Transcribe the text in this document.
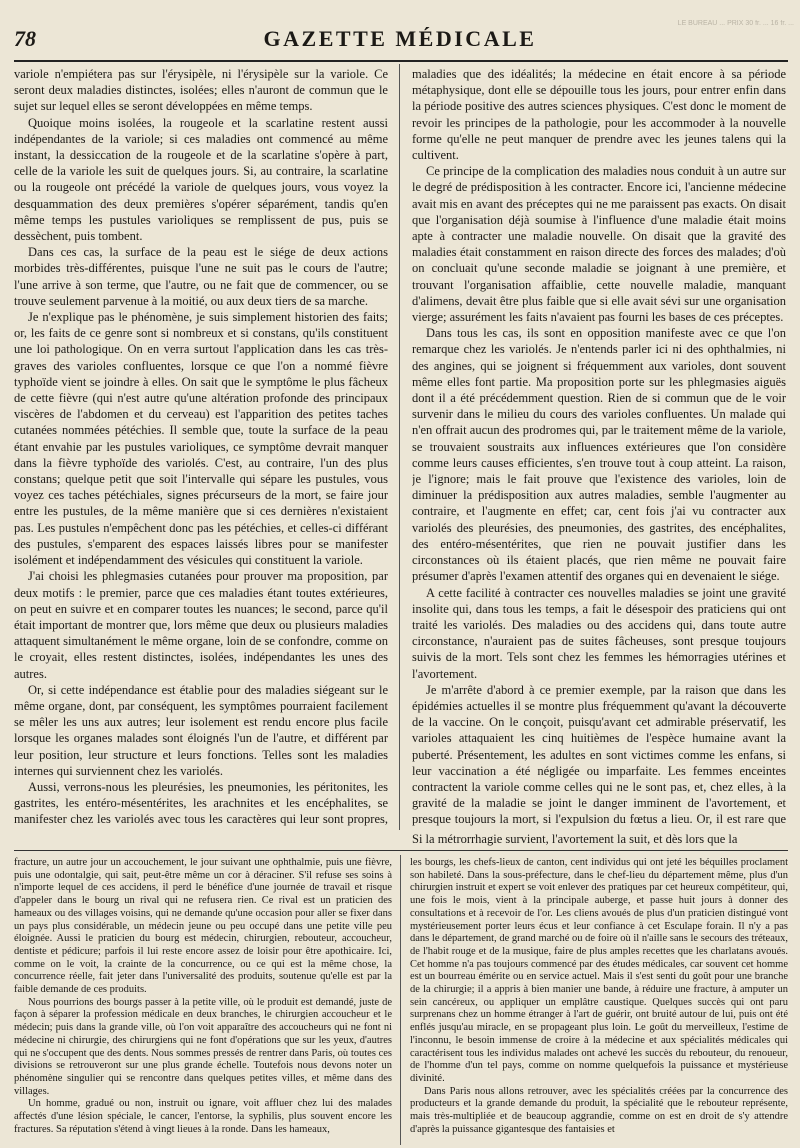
78	GAZETTE MÉDICALE
LE BUREAU ... PRIX 30 fr. ... 16 fr. ...

variole n'empiétera pas sur l'érysipèle, ni l'érysipèle sur la variole. Ce seront deux maladies distinctes, isolées; elles n'auront de commun que le sujet sur lequel elles se seront développées en même temps.

Quoique moins isolées, la rougeole et la scarlatine restent aussi indépendantes de la variole; si ces maladies ont commencé au même instant, la dessiccation de la rougeole et de la scarlatine s'opère à part, celle de la variole les suit de quelques jours. Si, au contraire, la scarlatine ou la rougeole ont précédé la variole de quelques jours, vous voyez la desquammation des deux premières s'opérer séparément, tandis qu'en même temps les pustules varioliques se remplissent de pus, puis se dessèchent, puis tombent.

Dans ces cas, la surface de la peau est le siége de deux actions morbides très-différentes, puisque l'une ne suit pas le cours de l'autre; l'une arrive à son terme, que l'autre, ou ne fait que de commencer, ou se trouve seulement parvenue à la moitié, ou aux deux tiers de sa marche.

Je n'explique pas le phénomène, je suis simplement historien des faits; or, les faits de ce genre sont si nombreux et si constans, qu'ils constituent une loi pathologique. On en verra surtout l'application dans les cas très-graves des varioles confluentes, lorsque ce que l'on a nommé fièvre typhoïde vient se joindre à elles. On sait que le symptôme le plus fâcheux de cette fièvre (qui n'est autre qu'une altération profonde des principaux viscères de l'abdomen et du cerveau) est l'apparition des petites taches cutanées nommées pétéchies. Il semble que, toute la surface de la peau étant envahie par les pustules varioliques, ce symptôme devrait manquer dans la fièvre typhoïde des variolés. C'est, au contraire, l'un des plus constans; quelque petit que soit l'intervalle qui sépare les pustules, vous voyez ces taches pétéchiales, signes précurseurs de la mort, se faire jour entre les pustules, de la même manière que si ces dernières n'existaient pas. Les pustules n'empêchent donc pas les pétéchies, et celles-ci différant des pustules, s'emparent des espaces laissés libres pour se manifester isolément et indépendamment des vésicules qui constituent la variole.

J'ai choisi les phlegmasies cutanées pour prouver ma proposition, par deux motifs : le premier, parce que ces maladies étant toutes extérieures, on peut en suivre et en comparer toutes les nuances; le second, parce qu'il était important de montrer que, lors même que deux ou plusieurs maladies attaquent simultanément le même organe, loin de se confondre, comme on le croyait, elles restent distinctes, isolées, indépendantes les unes des autres.

Or, si cette indépendance est établie pour des maladies siégeant sur le même organe, dont, par conséquent, les symptômes pourraient facilement se mêler les uns aux autres; leur isolement est rendu encore plus facile lorsque les organes malades sont éloignés l'un de l'autre, et différent par leur position, leur structure et leurs fonctions. Telles sont les maladies internes qui surviennent chez les variolés.

Aussi, verrons-nous les pleurésies, les pneumonies, les péritonites, les gastrites, les entéro-mésentérites, les arachnites et les encéphalites, se manifester chez les variolés avec tous les caractères qui leur sont propres,

maladies que des idéalités; la médecine en était encore à sa période métaphysique, dont elle se dépouille tous les jours, pour entrer enfin dans la période positive des autres sciences physiques. C'est donc le moment de revoir les principes de la pathologie, pour les accommoder à la nouvelle forme qu'elle ne peut manquer de prendre avec les jeunes talens qui la cultivent.

Ce principe de la complication des maladies nous conduit à un autre sur le degré de prédisposition à les contracter. Encore ici, l'ancienne médecine avait mis en avant des préceptes qui ne me paraissent pas exacts. On disait que l'organisation déjà soumise à l'influence d'une maladie était moins apte à contracter une maladie nouvelle. On disait que la gravité des maladies était constamment en raison directe des forces des malades; d'où on concluait qu'une seconde maladie se joignant à une première, et trouvant l'organisation affaiblie, cette nouvelle maladie, manquant d'alimens, devait être plus faible que si elle avait sévi sur une organisation vierge; assurément les faits n'avaient pas fourni les bases de ces préceptes.

Dans tous les cas, ils sont en opposition manifeste avec ce que l'on remarque chez les variolés. Je n'entends parler ici ni des ophthalmies, ni des angines, qui se joignent si fréquemment aux varioles, dont souvent même elles font partie. Ma proposition porte sur les phlegmasies aiguës dont il a été précédemment question. Rien de si commun que de le voir survenir dans le milieu du cours des varioles confluentes. Un malade qui n'en offrait aucun des prodromes qui, par le traitement même de la variole, se trouvaient soustraits aux influences extérieures que l'on considère comme leurs causes efficientes, s'en trouve tout à coup atteint. La raison, je l'ignore; mais le fait prouve que l'existence des varioles, loin de diminuer la prédisposition aux autres maladies, semble l'augmenter au contraire, et l'augmente en effet; car, cent fois j'ai vu contracter aux variolés des pleurésies, des pneumonies, des gastrites, des encéphalites, des entéro-mésentérites, que rien ne pouvait justifier dans les circonstances où ils étaient placés, que rien même ne pouvait faire présumer d'après l'examen attentif des organes qui en devenaient le siége.

A cette facilité à contracter ces nouvelles maladies se joint une gravité insolite qui, dans tous les temps, a fait le désespoir des praticiens qui ont traité les variolés. Des maladies ou des accidens qui, dans toute autre circonstance, n'auraient pas de suites fâcheuses, sont presque toujours suivis de la mort. Tels sont chez les femmes les hémorragies utérines et l'avortement.

Je m'arrête d'abord à ce premier exemple, par la raison que dans les épidémies actuelles il se montre plus fréquemment qu'avant la découverte de la vaccine. On le conçoit, puisqu'avant cet admirable préservatif, les varioles attaquaient les cinq huitièmes de l'espèce humaine avant la puberté. Présentement, les adultes en sont victimes comme les enfans, si leur vaccination a été négligée ou imparfaite. Les femmes enceintes contractent la variole comme celles qui ne le sont pas, et, chez elles, à la gravité de la maladie se joint le danger imminent de l'avortement, et presque toujours la mort, si l'expulsion du fœtus a lieu. Or, il est rare que

Si la métrorrhagie survient, l'avortement la suit, et dès lors que la

fracture, un autre jour un accouchement, le jour suivant une ophthalmie, puis une fièvre, puis une odontalgie, qui sait, peut-être même un cor à déraciner. S'il refuse ses soins à n'importe lequel de ces accidens, il perd le bénéfice d'une journée de travail et risque d'appeler dans le bourg un rival qui ne refusera rien. Ce rival est un praticien des hameaux ou des villages voisins, qui ne demande qu'une occasion pour aller se fixer dans un pays plus considérable, un médecin jeune ou peu occupé dans une petite ville peu éloignée. Aussi le praticien du bourg est médecin, chirurgien, rebouteur, accoucheur, dentiste et pédicure; parfois il lui reste encore assez de loisir pour être apothicaire. Ici, comme on le voit, la crainte de la concurrence, ou ce qui est la même chose, la concurrence réelle, fait jeter dans l'universalité des produits, soutenue qu'elle est par la faible demande de ces produits.

Nous pourrions des bourgs passer à la petite ville, où le produit est demandé, juste de façon à séparer la profession médicale en deux branches, le chirurgien accoucheur et le médecin; puis dans la grande ville, où l'on voit apparaître des accoucheurs qui ne font ni médecine ni chirurgie, des chirurgiens qui ne font d'opérations que sur les yeux, d'autres qui ne s'occupent que des dents. Nous sommes pressés de rentrer dans Paris, où toutes ces divisions se retrouveront sur une plus grande échelle. Toutefois nous devons noter un phénomène singulier qui se rencontre dans quelques petites villes, et même dans des villages.

Un homme, gradué ou non, instruit ou ignare, voit affluer chez lui des malades affectés d'une lésion spéciale, le cancer, l'entorse, la syphilis, plus souvent encore les fractures. Sa réputation s'étend à vingt lieues à la ronde. Dans les hameaux,

les bourgs, les chefs-lieux de canton, cent individus qui ont jeté les béquilles proclament son habileté. Dans la sous-préfecture, dans le chef-lieu du département même, plus d'un chirurgien instruit et expert se voit enlever des pratiques par cet heureux compétiteur, qui, une fois le mois, vient à la principale auberge, et passe huit jours à donner des consultations et à recevoir de l'or. Les cliens avoués de plus d'un praticien distingué vont mystérieusement porter leurs écus et leur confiance à cet Esculape forain. Il n'y a pas dans le département, de grand marché ou de foire où il n'aille sans le secours des tréteaux, de l'habit rouge et de la musique, faire de plus amples recettes que les charlatans avoués. Cet homme n'a pas toujours commencé par des études médicales, car souvent cet homme est un bourreau émérite ou en service actuel. Mais il s'est senti du goût pour une branche de la chirurgie; il a appris à bien manier une bande, à réduire une fracture, à amputer un sein cancéreux, ou appliquer un emplâtre caustique. Quelques succès qui ont paru surprenans chez un homme étranger à l'art de guérir, ont bruité autour de lui, puis ont été enflés jusqu'au miracle, en se propageant plus loin. Le goût du merveilleux, l'estime de l'inconnu, le besoin immense de croire à la médecine et aux spécialités médicales qui caractérisent tous les individus malades ont achevé les succès du rebouteur, du renoueur, de l'homme d'un tel pays, comme on nomme quelquefois la puissance et mystérieuse divinité.

Dans Paris nous allons retrouver, avec les spécialités créées par la concurrence des producteurs et la grande demande du produit, la spécialité que le rebouteur représente, mais très-multipliée et de beaucoup aggrandie, comme on est en droit de s'y attendre d'après la puissance gigantesque des fantaisies et
